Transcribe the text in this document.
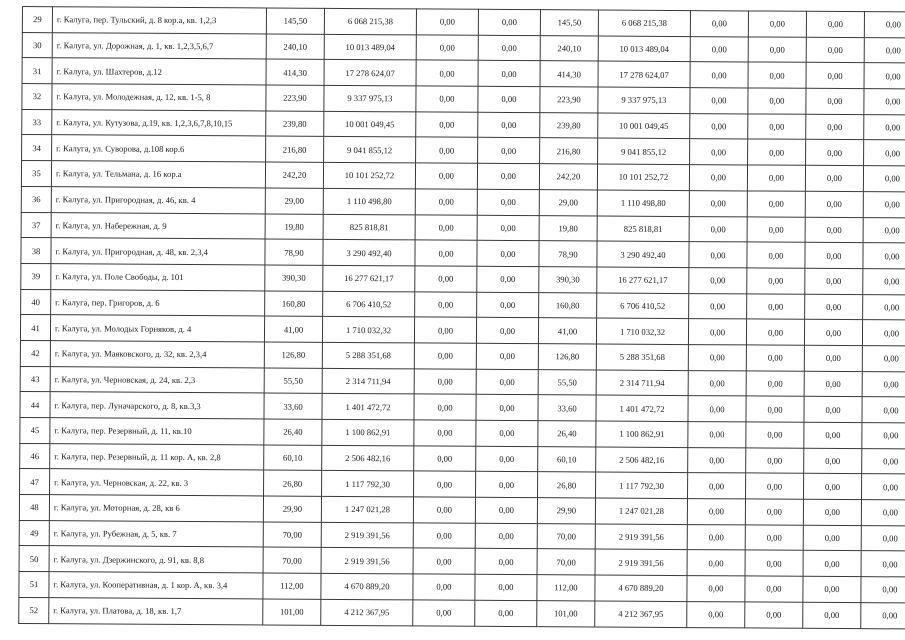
29	г. Калуга, пер. Тульский, д. 8 кор.а, кв. 1,2,3	145,50	6 068 215,38	0,00	0,00	145,50	6 068 215,38	0,00	0,00	0,00	0,00
30	г. Калуга, ул. Дорожная, д. 1, кв. 1,2,3,5,6,7	240,10	10 013 489,04	0,00	0,00	240,10	10 013 489,04	0,00	0,00	0,00	0,00
31	г. Калуга, ул. Шахтеров, д.12	414,30	17 278 624,07	0,00	0,00	414,30	17 278 624,07	0,00	0,00	0,00	0,00
32	г. Калуга, ул. Молодежная, д. 12, кв. 1-5, 8	223,90	9 337 975,13	0,00	0,00	223,90	9 337 975,13	0,00	0,00	0,00	0,00
33	г. Калуга, ул. Кутузова, д.19, кв. 1,2,3,6,7,8,10,15	239,80	10 001 049,45	0,00	0,00	239,80	10 001 049,45	0,00	0,00	0,00	0,00
34	г. Калуга, ул. Суворова, д.108 кор.6	216,80	9 041 855,12	0,00	0,00	216,80	9 041 855,12	0,00	0,00	0,00	0,00
35	г. Калуга, ул. Тельмана, д. 16 кор.а	242,20	10 101 252,72	0,00	0,00	242,20	10 101 252,72	0,00	0,00	0,00	0,00
36	г. Калуга, ул. Пригородная, д. 46, кв. 4	29,00	1 110 498,80	0,00	0,00	29,00	1 110 498,80	0,00	0,00	0,00	0,00
37	г. Калуга, ул. Набережная, д. 9	19,80	825 818,81	0,00	0,00	19,80	825 818,81	0,00	0,00	0,00	0,00
38	г. Калуга, ул. Пригородная, д. 48, кв. 2,3,4	78,90	3 290 492,40	0,00	0,00	78,90	3 290 492,40	0,00	0,00	0,00	0,00
39	г. Калуга, ул. Поле Свободы, д. 101	390,30	16 277 621,17	0,00	0,00	390,30	16 277 621,17	0,00	0,00	0,00	0,00
40	г. Калуга, пер. Григоров, д. 6	160,80	6 706 410,52	0,00	0,00	160,80	6 706 410,52	0,00	0,00	0,00	0,00
41	г. Калуга, ул. Молодых Горняков, д. 4	41,00	1 710 032,32	0,00	0,00	41,00	1 710 032,32	0,00	0,00	0,00	0,00
42	г. Калуга, ул. Маяковского, д. 32, кв. 2,3,4	126,80	5 288 351,68	0,00	0,00	126,80	5 288 351,68	0,00	0,00	0,00	0,00
43	г. Калуга, ул. Черновская, д. 24, кв. 2,3	55,50	2 314 711,94	0,00	0,00	55,50	2 314 711,94	0,00	0,00	0,00	0,00
44	г. Калуга, пер. Луначарского, д. 8, кв.3,3	33,60	1 401 472,72	0,00	0,00	33,60	1 401 472,72	0,00	0,00	0,00	0,00
45	г. Калуга, пер. Резервный, д. 11, кв.10	26,40	1 100 862,91	0,00	0,00	26,40	1 100 862,91	0,00	0,00	0,00	0,00
46	г. Калуга, пер. Резервный, д. 11 кор. А, кв. 2,8	60,10	2 506 482,16	0,00	0,00	60,10	2 506 482,16	0,00	0,00	0,00	0,00
47	г. Калуга, ул. Черновская, д. 22, кв. 3	26,80	1 117 792,30	0,00	0,00	26,80	1 117 792,30	0,00	0,00	0,00	0,00
48	г. Калуга, ул. Моторная, д. 28, кв 6	29,90	1 247 021,28	0,00	0,00	29,90	1 247 021,28	0,00	0,00	0,00	0,00
49	г. Калуга, ул. Рубежная, д. 5, кв. 7	70,00	2 919 391,56	0,00	0,00	70,00	2 919 391,56	0,00	0,00	0,00	0,00
50	г. Калуга, ул. Дзержинского, д. 91, кв. 8,8	70,00	2 919 391,56	0,00	0,00	70,00	2 919 391,56	0,00	0,00	0,00	0,00
51	г. Калуга, ул. Кооперативная, д. 1 кор. А, кв. 3,4	112,00	4 670 889,20	0,00	0,00	112,00	4 670 889,20	0,00	0,00	0,00	0,00
52	г. Калуга, ул. Платова, д. 18, кв. 1,7	101,00	4 212 367,95	0,00	0,00	101,00	4 212 367,95	0,00	0,00	0,00	0,00
